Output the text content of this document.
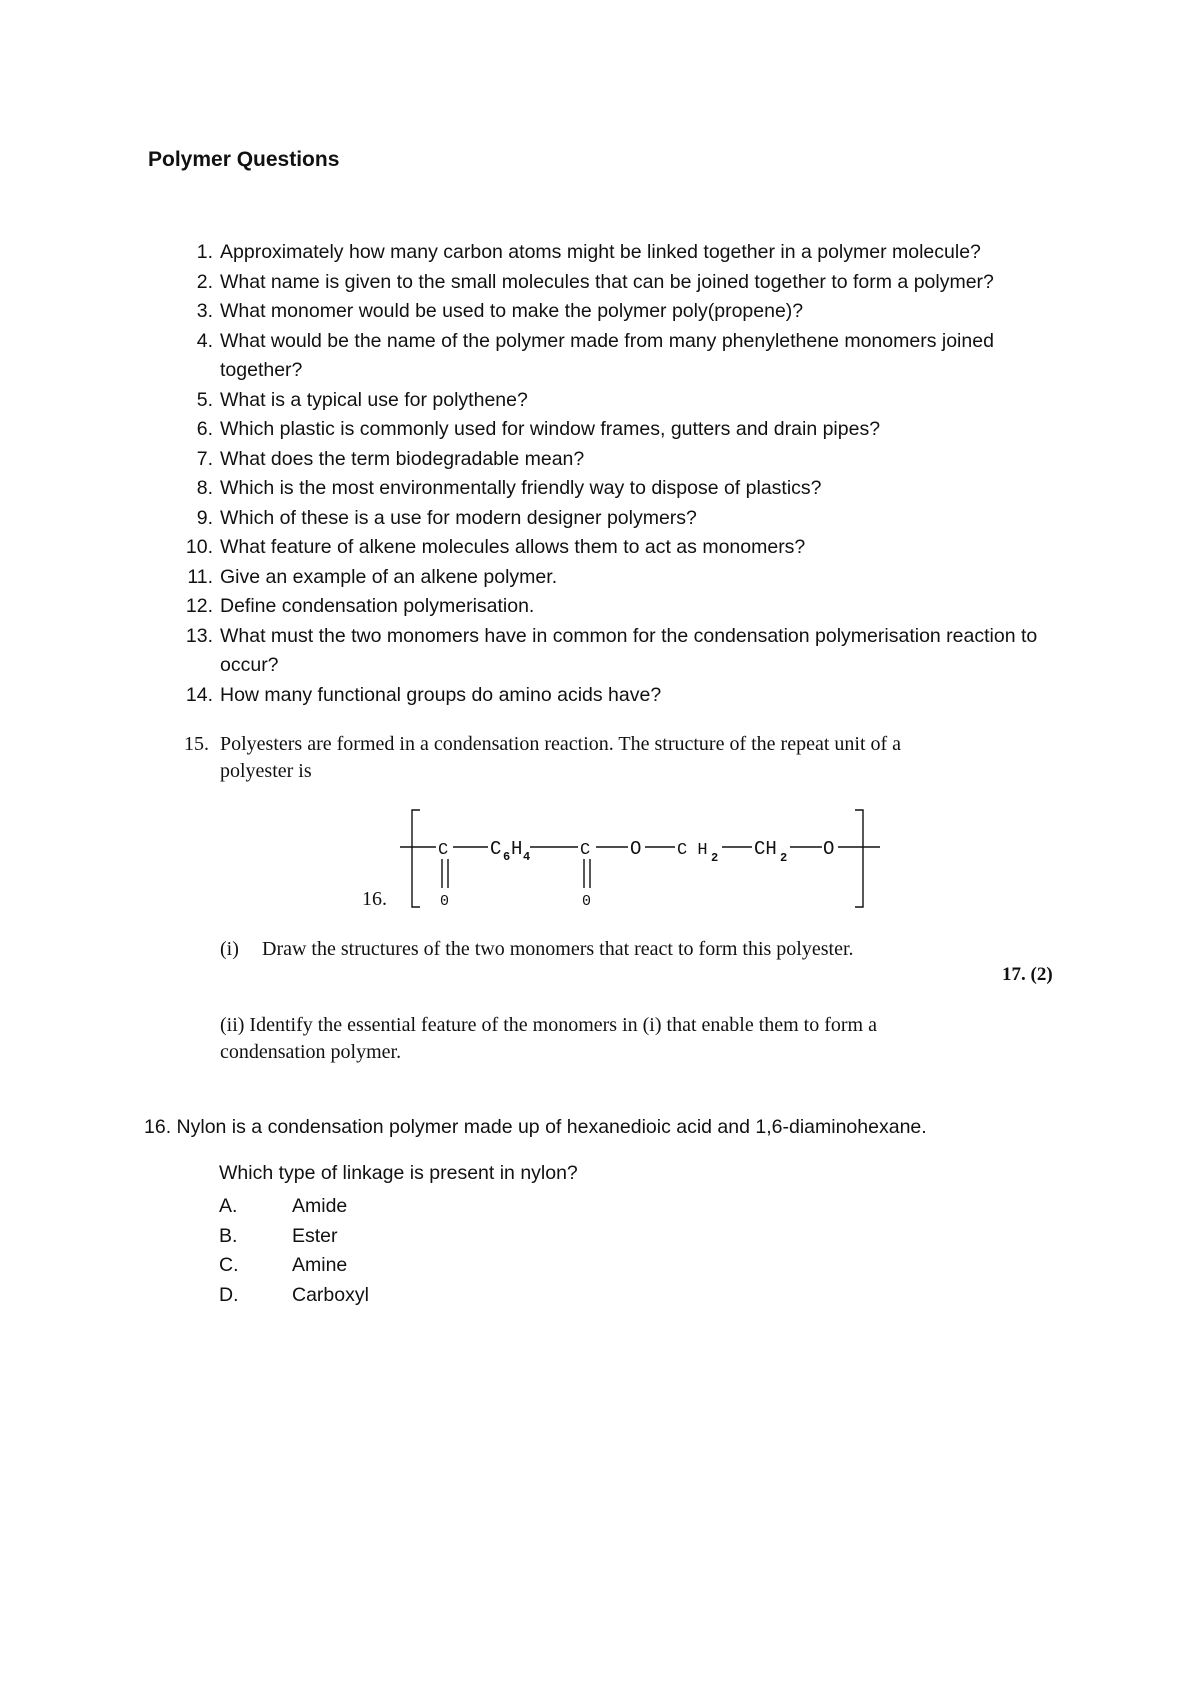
Polymer Questions
1. Approximately how many carbon atoms might be linked together in a polymer molecule?
2. What name is given to the small molecules that can be joined together to form a polymer?
3. What monomer would be used to make the polymer poly(propene)?
4. What would be the name of the polymer made from many phenylethene monomers joined together?
5. What is a typical use for polythene?
6. Which plastic is commonly used for window frames, gutters and drain pipes?
7. What does the term biodegradable mean?
8. Which is the most environmentally friendly way to dispose of plastics?
9. Which of these is a use for modern designer polymers?
10. What feature of alkene molecules allows them to act as monomers?
11. Give an example of an alkene polymer.
12. Define condensation polymerisation.
13. What must the two monomers have in common for the condensation polymerisation reaction to occur?
14. How many functional groups do amino acids have?
15. Polyesters are formed in a condensation reaction. The structure of the repeat unit of a
polyester is
C C 6 H 4	C O C H 2 CH 2 O
0	0
16.
(i) Draw the structures of the two monomers that react to form this polyester.
17. (2)
(ii) Identify the essential feature of the monomers in (i) that enable them to form a condensation polymer.
16. Nylon is a condensation polymer made up of hexanedioic acid and 1,6-diaminohexane.
Which type of linkage is present in nylon?
A.	Amide
B.	Ester
C.	Amine
D.	Carboxyl
